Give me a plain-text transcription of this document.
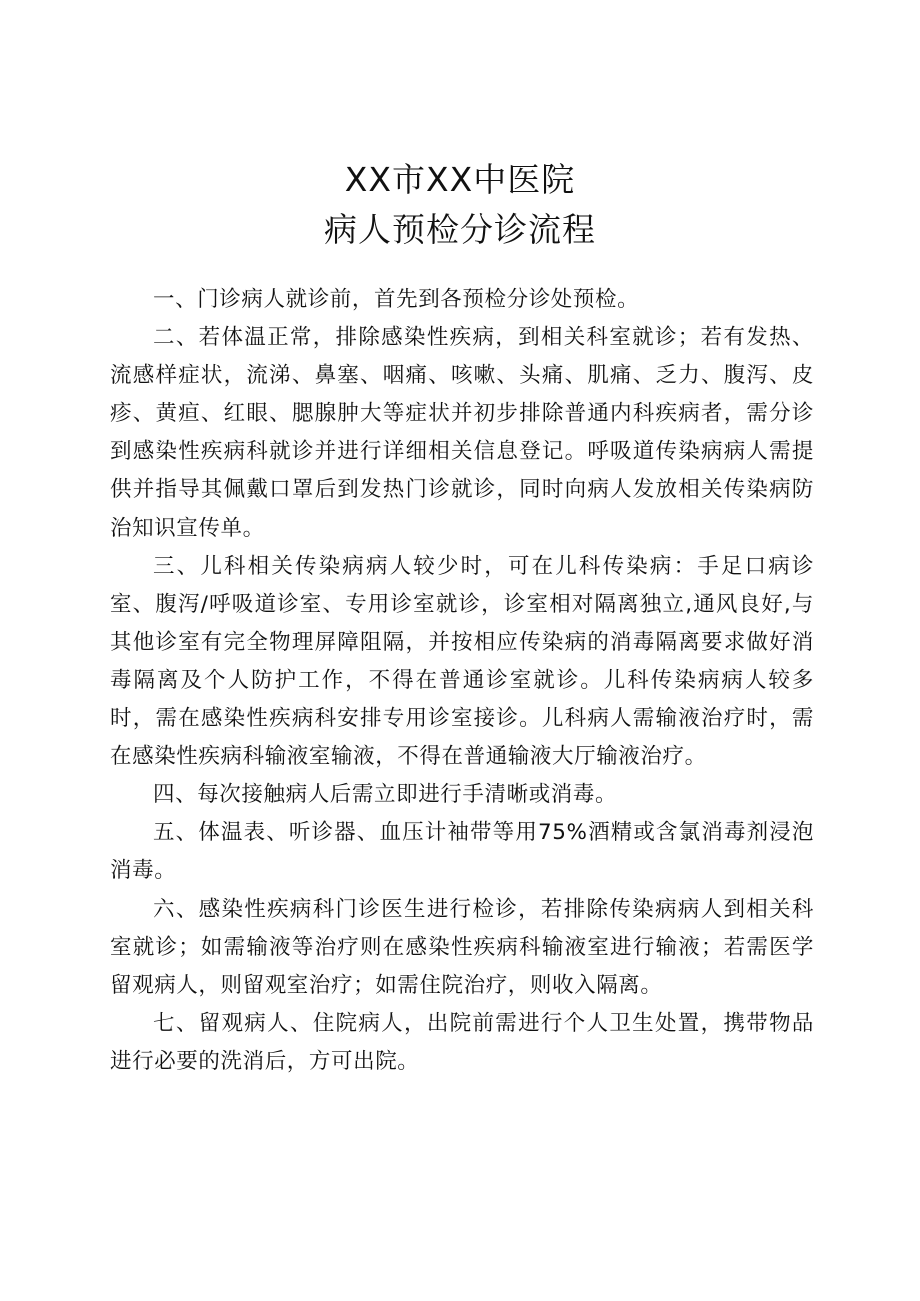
XX市XX中医院

病人预检分诊流程

一、门诊病人就诊前，首先到各预检分诊处预检。

二、若体温正常，排除感染性疾病，到相关科室就诊；若有发热、流感样症状，流涕、鼻塞、咽痛、咳嗽、头痛、肌痛、乏力、腹泻、皮疹、黄疸、红眼、腮腺肿大等症状并初步排除普通内科疾病者，需分诊到感染性疾病科就诊并进行详细相关信息登记。呼吸道传染病病人需提供并指导其佩戴口罩后到发热门诊就诊，同时向病人发放相关传染病防治知识宣传单。

三、儿科相关传染病病人较少时，可在儿科传染病：手足口病诊室、腹泻/呼吸道诊室、专用诊室就诊，诊室相对隔离独立,通风良好,与其他诊室有完全物理屏障阻隔，并按相应传染病的消毒隔离要求做好消毒隔离及个人防护工作，不得在普通诊室就诊。儿科传染病病人较多时，需在感染性疾病科安排专用诊室接诊。儿科病人需输液治疗时，需在感染性疾病科输液室输液，不得在普通输液大厅输液治疗。

四、每次接触病人后需立即进行手清晰或消毒。

五、体温表、听诊器、血压计袖带等用75%酒精或含氯消毒剂浸泡消毒。

六、感染性疾病科门诊医生进行检诊，若排除传染病病人到相关科室就诊；如需输液等治疗则在感染性疾病科输液室进行输液；若需医学留观病人，则留观室治疗；如需住院治疗，则收入隔离。

七、留观病人、住院病人，出院前需进行个人卫生处置，携带物品进行必要的洗消后，方可出院。
